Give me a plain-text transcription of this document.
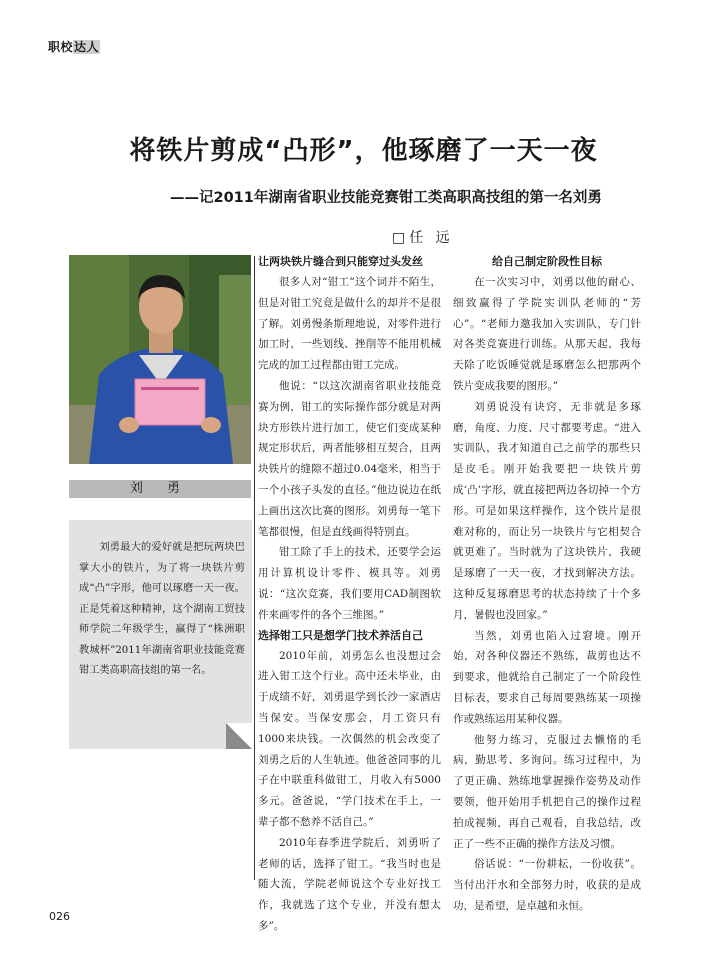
职校达人
将铁片剪成“凸形”，他琢磨了一天一夜
——记2011年湖南省职业技能竞赛钳工类高职高技组的第一名刘勇
□任 远
刘 勇
刘勇最大的爱好就是把玩两块巴掌大小的铁片，为了将一块铁片剪成“凸”字形，他可以琢磨一天一夜。正是凭着这种精神，这个湖南工贸技师学院二年级学生，赢得了“株洲职教城杯”2011年湖南省职业技能竞赛钳工类高职高技组的第一名。
让两块铁片缝合到只能穿过头发丝

很多人对“钳工”这个词并不陌生，但是对钳工究竟是做什么的却并不是很了解。刘勇慢条斯理地说，对零件进行加工时，一些划线、挫削等不能用机械完成的加工过程都由钳工完成。

他说：“以这次湖南省职业技能竞赛为例，钳工的实际操作部分就是对两块方形铁片进行加工，使它们变成某种规定形状后，两者能够相互契合，且两块铁片的缝隙不超过0.04毫米，相当于一个小孩子头发的直径。”他边说边在纸上画出这次比赛的图形。刘勇每一笔下笔都很慢，但是直线画得特别直。

钳工除了手上的技术，还要学会运用计算机设计零件、模具等。刘勇说：“这次竞赛，我们要用CAD制图软件来画零件的各个三维图。”

选择钳工只是想学门技术养活自己

2010年前，刘勇怎么也没想过会进入钳工这个行业。高中还未毕业，由于成绩不好，刘勇退学到长沙一家酒店当保安。当保安那会，月工资只有1000来块钱。一次偶然的机会改变了刘勇之后的人生轨迹。他爸爸同事的儿子在中联重科做钳工，月收入有5000多元。爸爸说，“学门技术在手上，一辈子都不愁养不活自己。”

2010年春季进学院后，刘勇听了老师的话，选择了钳工。“我当时也是随大流，学院老师说这个专业好找工作，我就选了这个专业，并没有想太多”。

给自己制定阶段性目标

在一次实习中，刘勇以他的耐心、细致赢得了学院实训队老师的“芳心”。“老师力邀我加入实训队，专门针对各类竞赛进行训练。从那天起，我每天除了吃饭睡觉就是琢磨怎么把那两个铁片变成我要的图形。”

刘勇说没有诀窍，无非就是多琢磨，角度、力度、尺寸都要考虑。“进入实训队，我才知道自己之前学的那些只是皮毛。刚开始我要把一块铁片剪成‘凸’字形，就直接把两边各切掉一个方形。可是如果这样操作，这个铁片是很难对称的，而让另一块铁片与它相契合就更难了。当时就为了这块铁片，我硬是琢磨了一天一夜，才找到解决方法。这种反复琢磨思考的状态持续了十个多月，暑假也没回家。”

当然，刘勇也陷入过窘境。刚开始，对各种仪器还不熟练，裁剪也达不到要求，他就给自己制定了一个阶段性目标表，要求自己每周要熟练某一项操作或熟练运用某种仪器。

他努力练习，克服过去懒惰的毛病，勤思考、多询问。练习过程中，为了更正确、熟练地掌握操作姿势及动作要领，他开始用手机把自己的操作过程拍成视频，再自己观看，自我总结，改正了一些不正确的操作方法及习惯。

俗话说：“一份耕耘，一份收获”。当付出汗水和全部努力时，收获的是成功，是希望，是卓越和永恒。

026
